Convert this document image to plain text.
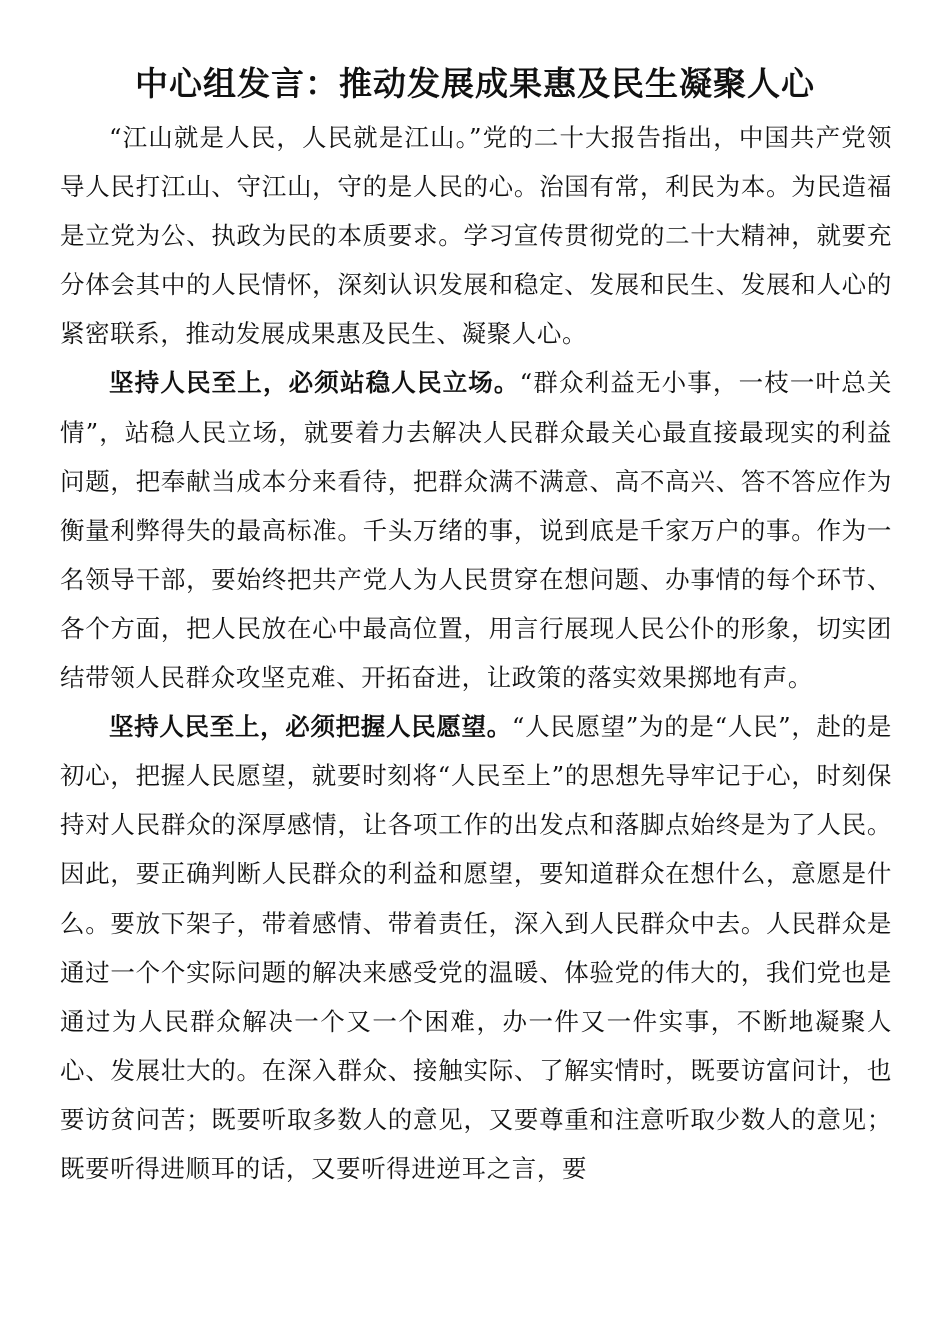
中心组发言：推动发展成果惠及民生凝聚人心

“江山就是人民，人民就是江山。”党的二十大报告指出，中国共产党领导人民打江山、守江山，守的是人民的心。治国有常，利民为本。为民造福是立党为公、执政为民的本质要求。学习宣传贯彻党的二十大精神，就要充分体会其中的人民情怀，深刻认识发展和稳定、发展和民生、发展和人心的紧密联系，推动发展成果惠及民生、凝聚人心。

坚持人民至上，必须站稳人民立场。“群众利益无小事，一枝一叶总关情”，站稳人民立场，就要着力去解决人民群众最关心最直接最现实的利益问题，把奉献当成本分来看待，把群众满不满意、高不高兴、答不答应作为衡量利弊得失的最高标准。千头万绪的事，说到底是千家万户的事。作为一名领导干部，要始终把共产党人为人民贯穿在想问题、办事情的每个环节、各个方面，把人民放在心中最高位置，用言行展现人民公仆的形象，切实团结带领人民群众攻坚克难、开拓奋进，让政策的落实效果掷地有声。

坚持人民至上，必须把握人民愿望。“人民愿望”为的是“人民”，赴的是初心，把握人民愿望，就要时刻将“人民至上”的思想先导牢记于心，时刻保持对人民群众的深厚感情，让各项工作的出发点和落脚点始终是为了人民。因此，要正确判断人民群众的利益和愿望，要知道群众在想什么，意愿是什么。要放下架子，带着感情、带着责任，深入到人民群众中去。人民群众是通过一个个实际问题的解决来感受党的温暖、体验党的伟大的，我们党也是通过为人民群众解决一个又一个困难，办一件又一件实事，不断地凝聚人心、发展壮大的。在深入群众、接触实际、了解实情时，既要访富问计，也要访贫问苦；既要听取多数人的意见，又要尊重和注意听取少数人的意见；既要听得进顺耳的话，又要听得进逆耳之言，要
